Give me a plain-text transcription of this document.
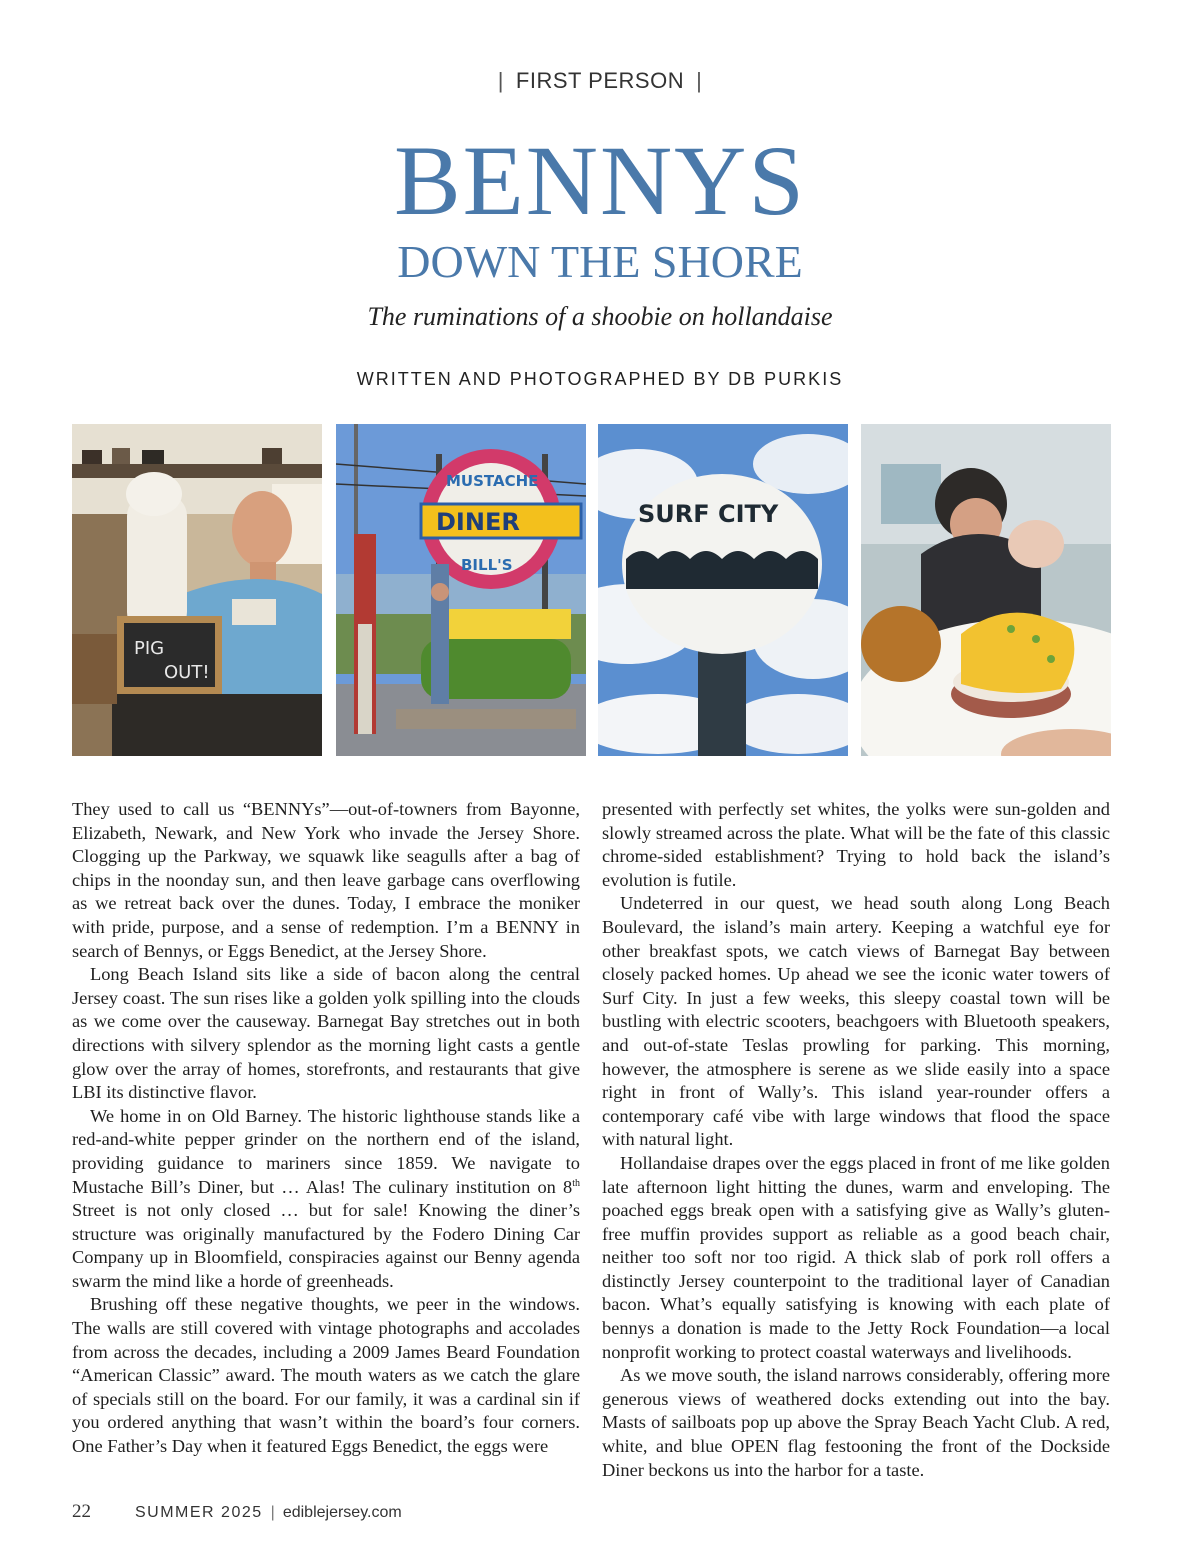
| FIRST PERSON |
BENNYS
DOWN THE SHORE
The ruminations of a shoobie on hollandaise
WRITTEN AND PHOTOGRAPHED BY DB PURKIS
PIG
OUT!
MUSTACHE
DINER
BILL'S
SURF CITY

They used to call us “BENNYs”—out-of-towners from Bayonne, Elizabeth, Newark, and New York who invade the Jersey Shore. Clogging up the Parkway, we squawk like seagulls after a bag of chips in the noonday sun, and then leave garbage cans overflowing as we retreat back over the dunes. Today, I embrace the moniker with pride, purpose, and a sense of redemption. I’m a BENNY in search of Bennys, or Eggs Benedict, at the Jersey Shore.

Long Beach Island sits like a side of bacon along the central Jersey coast. The sun rises like a golden yolk spilling into the clouds as we come over the causeway. Barnegat Bay stretches out in both directions with silvery splendor as the morning light casts a gentle glow over the array of homes, storefronts, and restaurants that give LBI its distinctive flavor.

We home in on Old Barney. The historic lighthouse stands like a red-and-white pepper grinder on the northern end of the island, providing guidance to mariners since 1859. We navigate to Mustache Bill’s Diner, but … Alas! The culinary institution on 8th Street is not only closed … but for sale! Knowing the diner’s structure was originally manufactured by the Fodero Dining Car Company up in Bloomfield, conspiracies against our Benny agenda swarm the mind like a horde of greenheads.

Brushing off these negative thoughts, we peer in the windows. The walls are still covered with vintage photographs and accolades from across the decades, including a 2009 James Beard Foundation “American Classic” award. The mouth waters as we catch the glare of specials still on the board. For our family, it was a cardinal sin if you ordered anything that wasn’t within the board’s four corners. One Father’s Day when it featured Eggs Benedict, the eggs were

presented with perfectly set whites, the yolks were sun-golden and slowly streamed across the plate. What will be the fate of this classic chrome-sided establishment? Trying to hold back the island’s evolution is futile.

Undeterred in our quest, we head south along Long Beach Boulevard, the island’s main artery. Keeping a watchful eye for other breakfast spots, we catch views of Barnegat Bay between closely packed homes. Up ahead we see the iconic water towers of Surf City. In just a few weeks, this sleepy coastal town will be bustling with electric scooters, beachgoers with Bluetooth speakers, and out-of-state Teslas prowling for parking. This morning, however, the atmosphere is serene as we slide easily into a space right in front of Wally’s. This island year-rounder offers a contemporary café vibe with large windows that flood the space with natural light.

Hollandaise drapes over the eggs placed in front of me like golden late afternoon light hitting the dunes, warm and enveloping. The poached eggs break open with a satisfying give as Wally’s gluten-free muffin provides support as reliable as a good beach chair, neither too soft nor too rigid. A thick slab of pork roll offers a distinctly Jersey counterpoint to the traditional layer of Canadian bacon. What’s equally satisfying is knowing with each plate of bennys a donation is made to the Jetty Rock Foundation—a local nonprofit working to protect coastal waterways and livelihoods.

As we move south, the island narrows considerably, offering more generous views of weathered docks extending out into the bay. Masts of sailboats pop up above the Spray Beach Yacht Club. A red, white, and blue OPEN flag festooning the front of the Dockside Diner beckons us into the harbor for a taste.

22	SUMMER 2025 | ediblejersey.com
